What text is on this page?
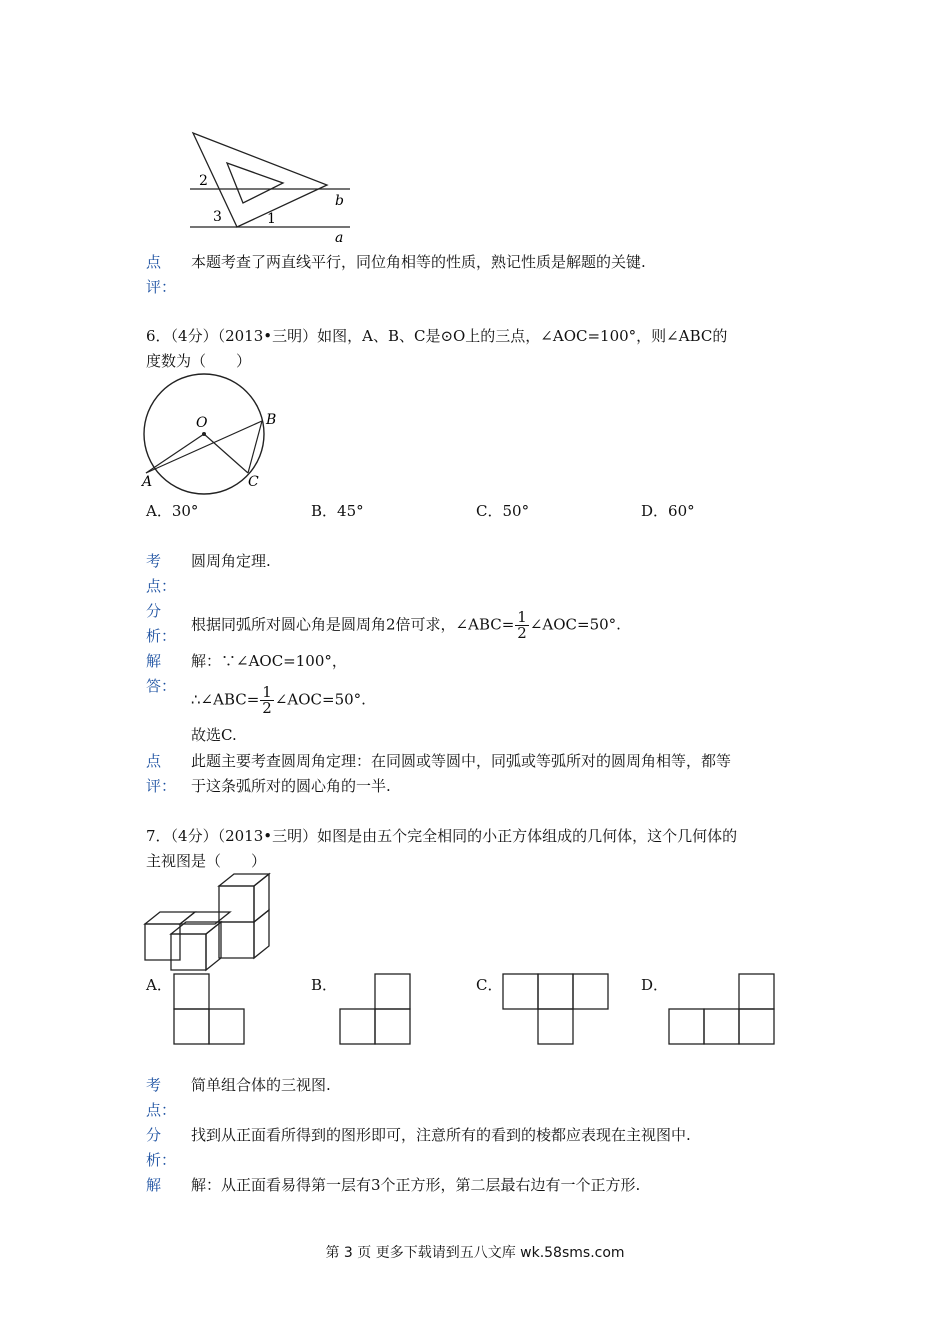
2
3	1
b
a
点
评：
本题考查了两直线平行，同位角相等的性质，熟记性质是解题的关键.
6．（4分）（2013•三明）如图，A、B、C是⊙O上的三点，∠AOC=100°，则∠ABC的
度数为（　　）
O	B
A	C
A．30°	B．45°	C．50°	D．60°
考
点：
圆周角定理.
分
析：
根据同弧所对圆心角是圆周角2倍可求，∠ABC= $\frac{1}{2}$ ∠AOC=50°.
解
答：
解：∵∠AOC=100°，
∴∠ABC= $\frac{1}{2}$ ∠AOC=50°.
故选C.
点
评：
此题主要考查圆周角定理：在同圆或等圆中，同弧或等弧所对的圆周角相等，都等
于这条弧所对的圆心角的一半.
7．（4分）（2013•三明）如图是由五个完全相同的小正方体组成的几何体，这个几何体的
主视图是（　　）
A．	B．	C．	D．
考
点：
简单组合体的三视图.
分
析：
找到从正面看所得到的图形即可，注意所有的看到的棱都应表现在主视图中.
解 解：从正面看易得第一层有3个正方形，第二层最右边有一个正方形.
第 3 页 更多下载请到五八文库 wk.58sms.com
